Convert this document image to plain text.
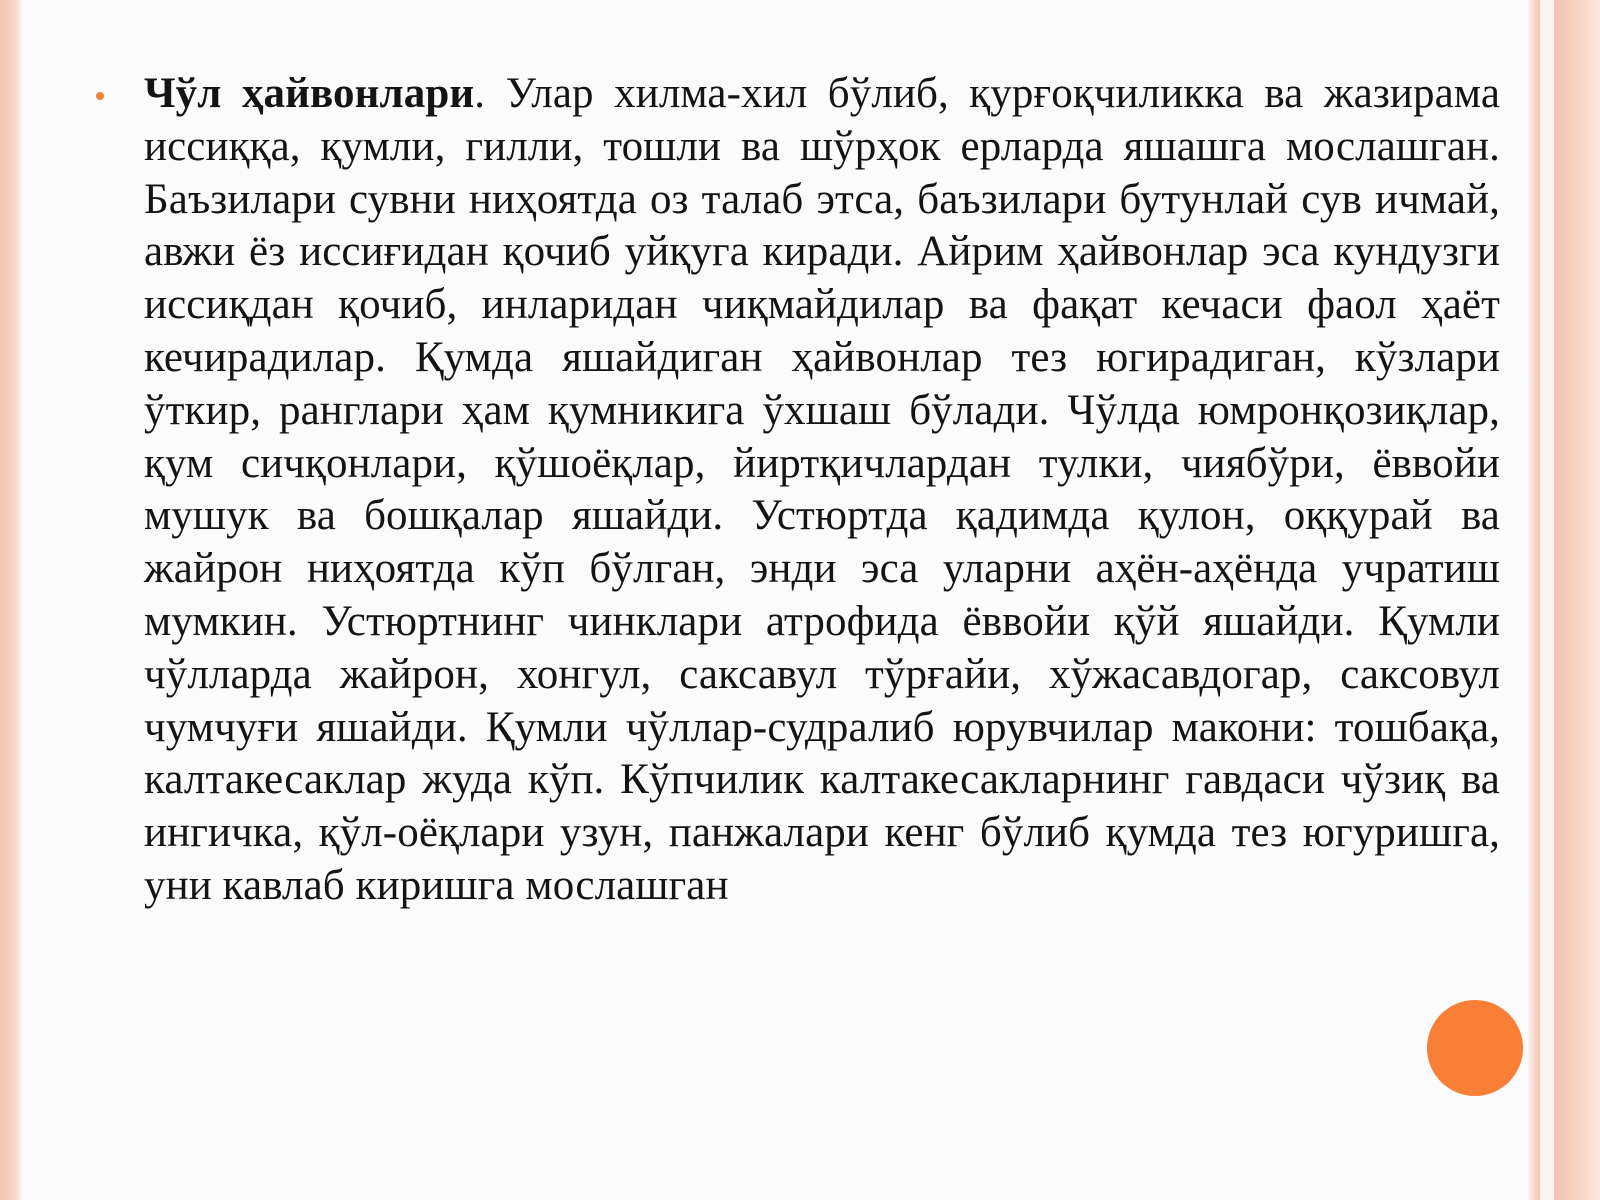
Чўл ҳайвонлари. Улар хилма-хил бўлиб, қурғоқчиликка ва жазирама иссиққа, қумли, гилли, тошли ва шўрҳок ерларда яшашга мослашган. Баъзилари сувни ниҳоятда оз талаб этса, баъзилари бутунлай сув ичмай, авжи ёз иссиғидан қочиб уйқуга киради. Айрим ҳайвонлар эса кундузги иссиқдан қочиб, инларидан чиқмайдилар ва фақат кечаси фаол ҳаёт кечирадилар. Қумда яшайдиган ҳайвонлар тез югирадиган, кўзлари ўткир, ранглари ҳам қумникига ўхшаш бўлади. Чўлда юмронқозиқлар, қум сичқонлари, қўшоёқлар, йиртқичлардан тулки, чиябўри, ёввойи мушук ва бошқалар яшайди. Устюртда қадимда қулон, оққурай ва жайрон ниҳоятда кўп бўлган, энди эса уларни аҳён-аҳёнда учратиш мумкин. Устюртнинг чинклари атрофида ёввойи қўй яшайди. Қумли чўлларда жайрон, хонгул, саксавул тўрғайи, хўжасавдогар, саксовул чумчуғи яшайди. Қумли чўллар-судралиб юрувчилар макони: тошбақа, калтакесаклар жуда кўп. Кўпчилик калтакесакларнинг гавдаси чўзиқ ва ингичка, қўл-оёқлари узун, панжалари кенг бўлиб қумда тез югуришга, уни кавлаб киришга мослашган
